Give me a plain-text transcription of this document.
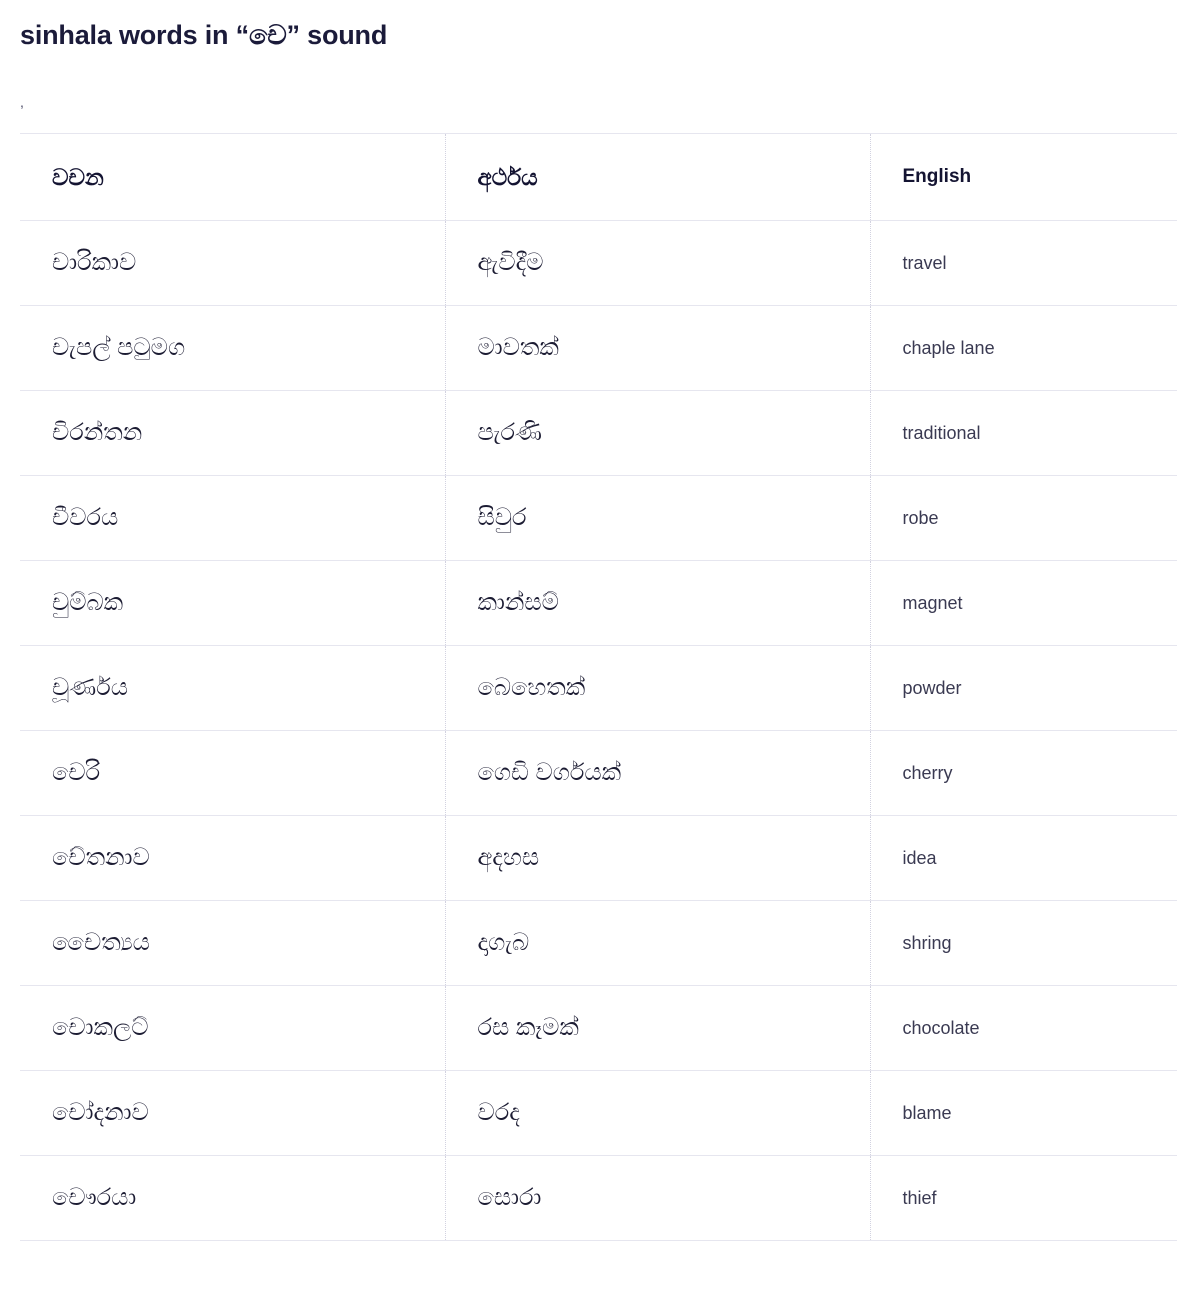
sinhala words in “චෙ” sound
,
වචන	අර්ථය	English
චාරිකාව	ඇවිදීම	travel
චැපල් පටුමග	මාවතක්	chaple lane
චිරන්තන	පැරණි	traditional
චීවරය	සිවුර	robe
චුම්බක	කාන්සම්	magnet
චූර්ණය	බෙහෙතක්	powder
චෙරි	ගෙඩි වර්ගයක්	cherry
චේතනාව	අදහස	idea
චෛත්‍යය	දාගැබ	shring
චොකලට්	රස කෑමක්	chocolate
චෝදනාව	වරද	blame
චෞරයා	සොරා	thief
